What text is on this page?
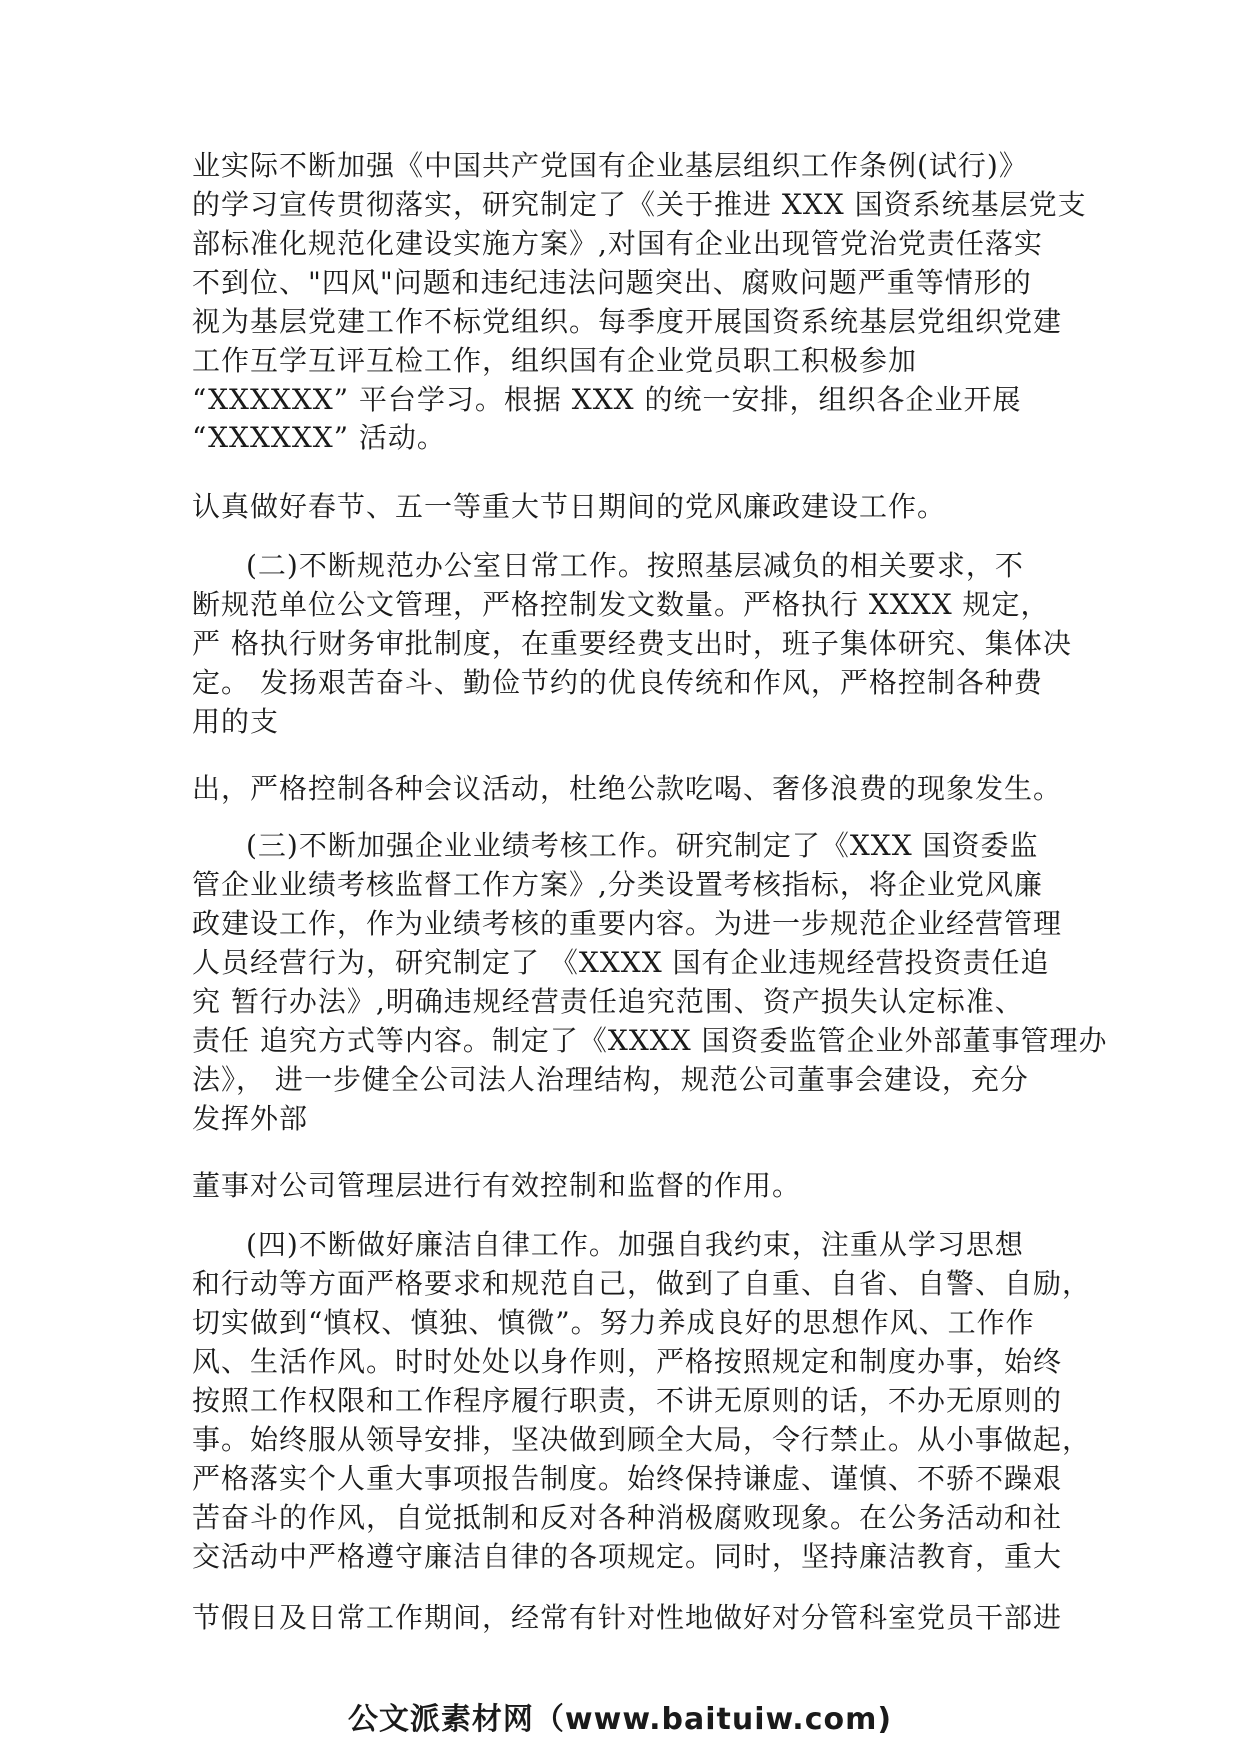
业实际不断加强《中国共产党国有企业基层组织工作条例(试行)》
的学习宣传贯彻落实，研究制定了《关于推进 XXX 国资系统基层党支
部标准化规范化建设实施方案》,对国有企业出现管党治党责任落实
不到位、"四风"问题和违纪违法问题突出、腐败问题严重等情形的
视为基层党建工作不标党组织。每季度开展国资系统基层党组织党建
工作互学互评互检工作，组织国有企业党员职工积极参加
“XXXXXX” 平台学习。根据 XXX 的统一安排，组织各企业开展
“XXXXXX” 活动。
认真做好春节、五一等重大节日期间的党风廉政建设工作。
(二)不断规范办公室日常工作。按照基层减负的相关要求，不
断规范单位公文管理，严格控制发文数量。严格执行 XXXX 规定，
严 格执行财务审批制度，在重要经费支出时，班子集体研究、集体决
定。 发扬艰苦奋斗、勤俭节约的优良传统和作风，严格控制各种费
用的支
出，严格控制各种会议活动，杜绝公款吃喝、奢侈浪费的现象发生。
(三)不断加强企业业绩考核工作。研究制定了《XXX 国资委监
管企业业绩考核监督工作方案》,分类设置考核指标，将企业党风廉
政建设工作，作为业绩考核的重要内容。为进一步规范企业经营管理
人员经营行为，研究制定了 《XXXX 国有企业违规经营投资责任追
究 暂行办法》,明确违规经营责任追究范围、资产损失认定标准、
责任 追究方式等内容。制定了《XXXX 国资委监管企业外部董事管理办
法》， 进一步健全公司法人治理结构，规范公司董事会建设，充分
发挥外部
董事对公司管理层进行有效控制和监督的作用。
(四)不断做好廉洁自律工作。加强自我约束，注重从学习思想
和行动等方面严格要求和规范自己，做到了自重、自省、自警、自励，
切实做到“慎权、慎独、慎微”。努力养成良好的思想作风、工作作
风、生活作风。时时处处以身作则，严格按照规定和制度办事，始终
按照工作权限和工作程序履行职责，不讲无原则的话，不办无原则的
事。始终服从领导安排，坚决做到顾全大局，令行禁止。从小事做起，
严格落实个人重大事项报告制度。始终保持谦虚、谨慎、不骄不躁艰
苦奋斗的作风，自觉抵制和反对各种消极腐败现象。在公务活动和社
交活动中严格遵守廉洁自律的各项规定。同时，坚持廉洁教育，重大
节假日及日常工作期间，经常有针对性地做好对分管科室党员干部进
公文派素材网（www.baituiw.com)
